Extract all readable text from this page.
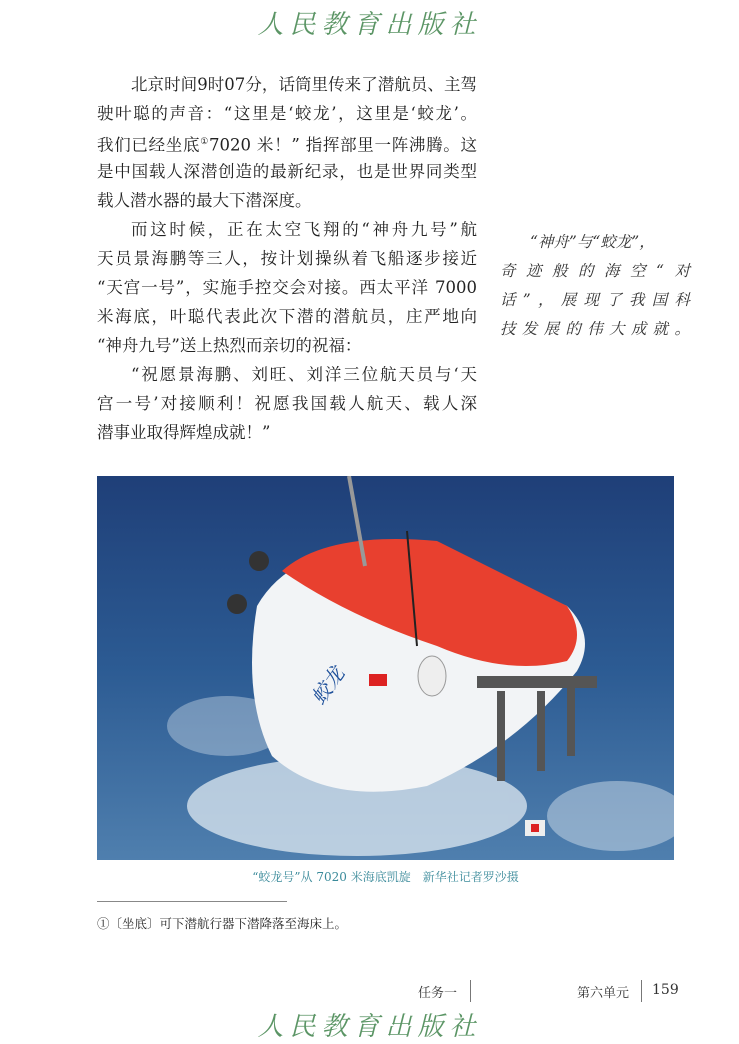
人民教育出版社
北京时间9时07分，话筒里传来了潜航员、主驾
驶叶聪的声音：“这里是‘蛟龙’，这里是‘蛟龙’。
我们已经坐底①7020 米！” 指挥部里一阵沸腾。这
是中国载人深潜创造的最新纪录，也是世界同类型
载人潜水器的最大下潜深度。
而这时候，正在太空飞翔的“神舟九号”航
天员景海鹏等三人，按计划操纵着飞船逐步接近
“天宫一号”，实施手控交会对接。西太平洋 7000
米海底，叶聪代表此次下潜的潜航员，庄严地向
“神舟九号”送上热烈而亲切的祝福：
“祝愿景海鹏、刘旺、刘洋三位航天员与‘天
宫一号’对接顺利！祝愿我国载人航天、载人深
潜事业取得辉煌成就！”
“神舟”与“蛟龙”，
奇迹般的海空“对
话”，展现了我国科
技发展的伟大成就。
蛟龙
“蛟龙号”从 7020 米海底凯旋　新华社记者罗沙摄
①〔坐底〕可下潜航行器下潜降落至海床上。
任务一	第六单元 159
人民教育出版社
